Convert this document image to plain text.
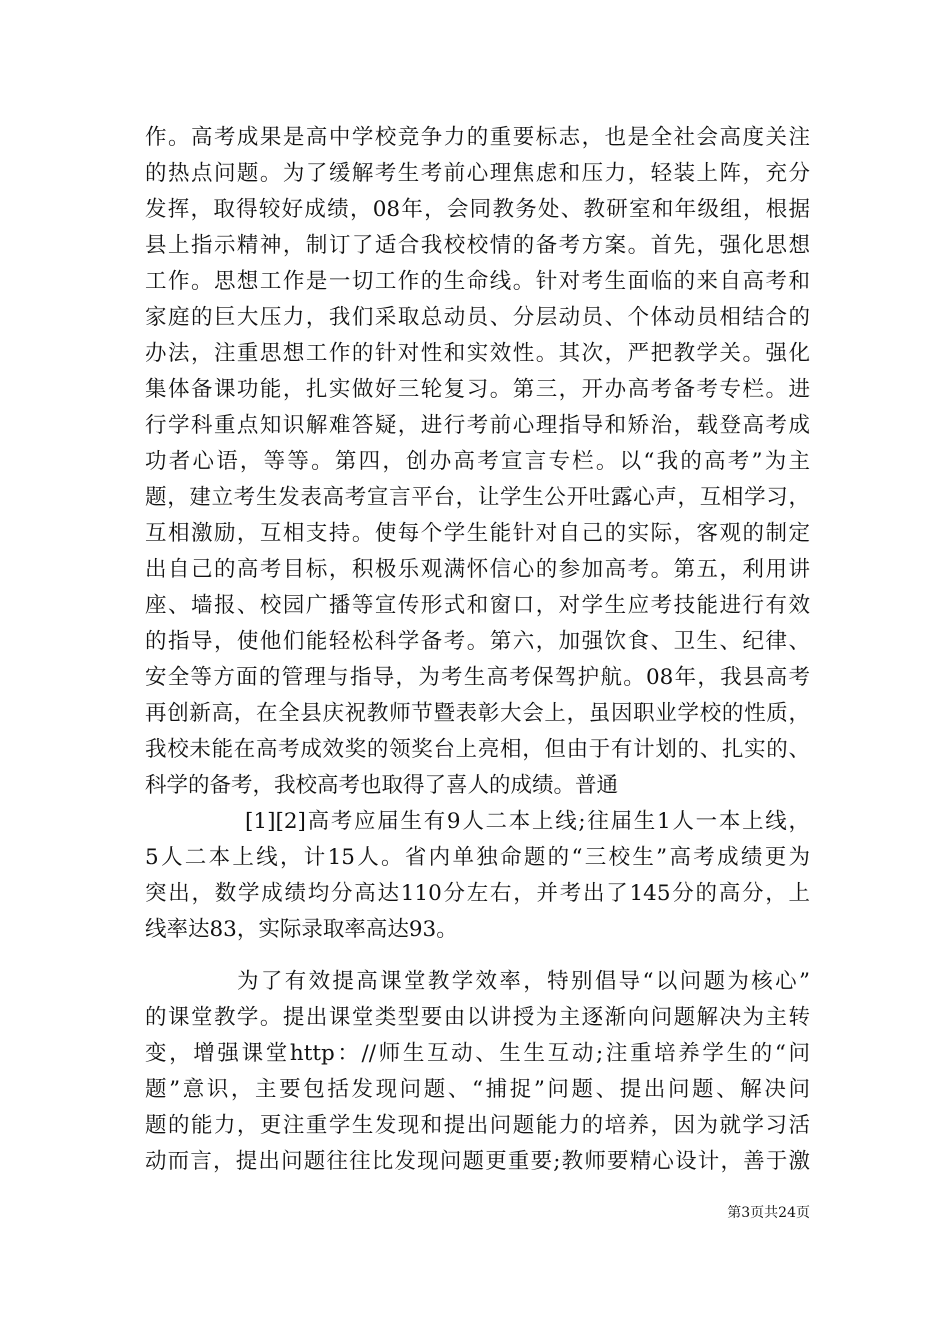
作。高考成果是高中学校竞争力的重要标志，也是全社会高度关注
的热点问题。为了缓解考生考前心理焦虑和压力，轻装上阵，充分
发挥，取得较好成绩，08年，会同教务处、教研室和年级组，根据
县上指示精神，制订了适合我校校情的备考方案。首先，强化思想
工作。思想工作是一切工作的生命线。针对考生面临的来自高考和
家庭的巨大压力，我们采取总动员、分层动员、个体动员相结合的
办法，注重思想工作的针对性和实效性。其次，严把教学关。强化
集体备课功能，扎实做好三轮复习。第三，开办高考备考专栏。进
行学科重点知识解难答疑，进行考前心理指导和矫治，载登高考成
功者心语，等等。第四，创办高考宣言专栏。以“我的高考”为主
题，建立考生发表高考宣言平台，让学生公开吐露心声，互相学习，
互相激励，互相支持。使每个学生能针对自己的实际，客观的制定
出自己的高考目标，积极乐观满怀信心的参加高考。第五，利用讲
座、墙报、校园广播等宣传形式和窗口，对学生应考技能进行有效
的指导，使他们能轻松科学备考。第六，加强饮食、卫生、纪律、
安全等方面的管理与指导，为考生高考保驾护航。08年，我县高考
再创新高，在全县庆祝教师节暨表彰大会上，虽因职业学校的性质，
我校未能在高考成效奖的领奖台上亮相，但由于有计划的、扎实的、
科学的备考，我校高考也取得了喜人的成绩。普通
[1][2]高考应届生有9人二本上线;往届生1人一本上线，
5人二本上线，计15人。省内单独命题的“三校生”高考成绩更为
突出，数学成绩均分高达110分左右，并考出了145分的高分，上
线率达83，实际录取率高达93。
为了有效提高课堂教学效率，特别倡导“以问题为核心”
的课堂教学。提出课堂类型要由以讲授为主逐渐向问题解决为主转
变，增强课堂http：//师生互动、生生互动;注重培养学生的“问
题”意识，主要包括发现问题、“捕捉”问题、提出问题、解决问
题的能力，更注重学生发现和提出问题能力的培养，因为就学习活
动而言，提出问题往往比发现问题更重要;教师要精心设计，善于激
第3页共24页
